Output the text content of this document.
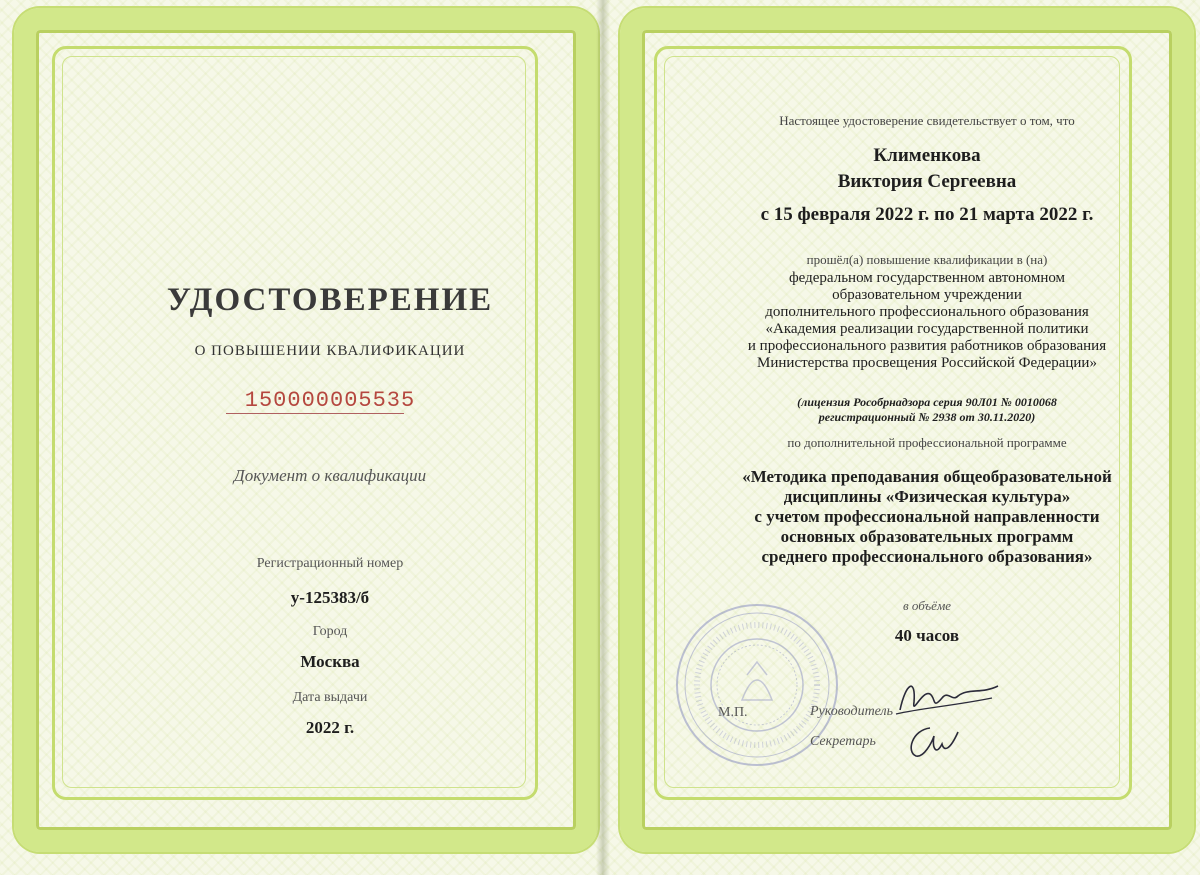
УДОСТОВЕРЕНИЕ
О ПОВЫШЕНИИ КВАЛИФИКАЦИИ
150000005535
Документ о квалификации
Регистрационный номер
у-125383/б
Город
Москва
Дата выдачи
2022 г.
Настоящее удостоверение свидетельствует о том, что
Клименкова
Виктория Сергеевна
с 15 февраля 2022 г. по 21 марта 2022 г.
прошёл(а) повышение квалификации в (на)
федеральном государственном автономном
образовательном учреждении
дополнительного профессионального образования
«Академия реализации государственной политики
и профессионального развития работников образования
Министерства просвещения Российской Федерации»
(лицензия Рособрнадзора серия 90Л01 № 0010068
регистрационный № 2938 от 30.11.2020)
по дополнительной профессиональной программе
«Методика преподавания общеобразовательной
дисциплины «Физическая культура»
с учетом профессиональной направленности
основных образовательных программ
среднего профессионального образования»
в объёме
40 часов
М.П.	Руководитель
Секретарь
